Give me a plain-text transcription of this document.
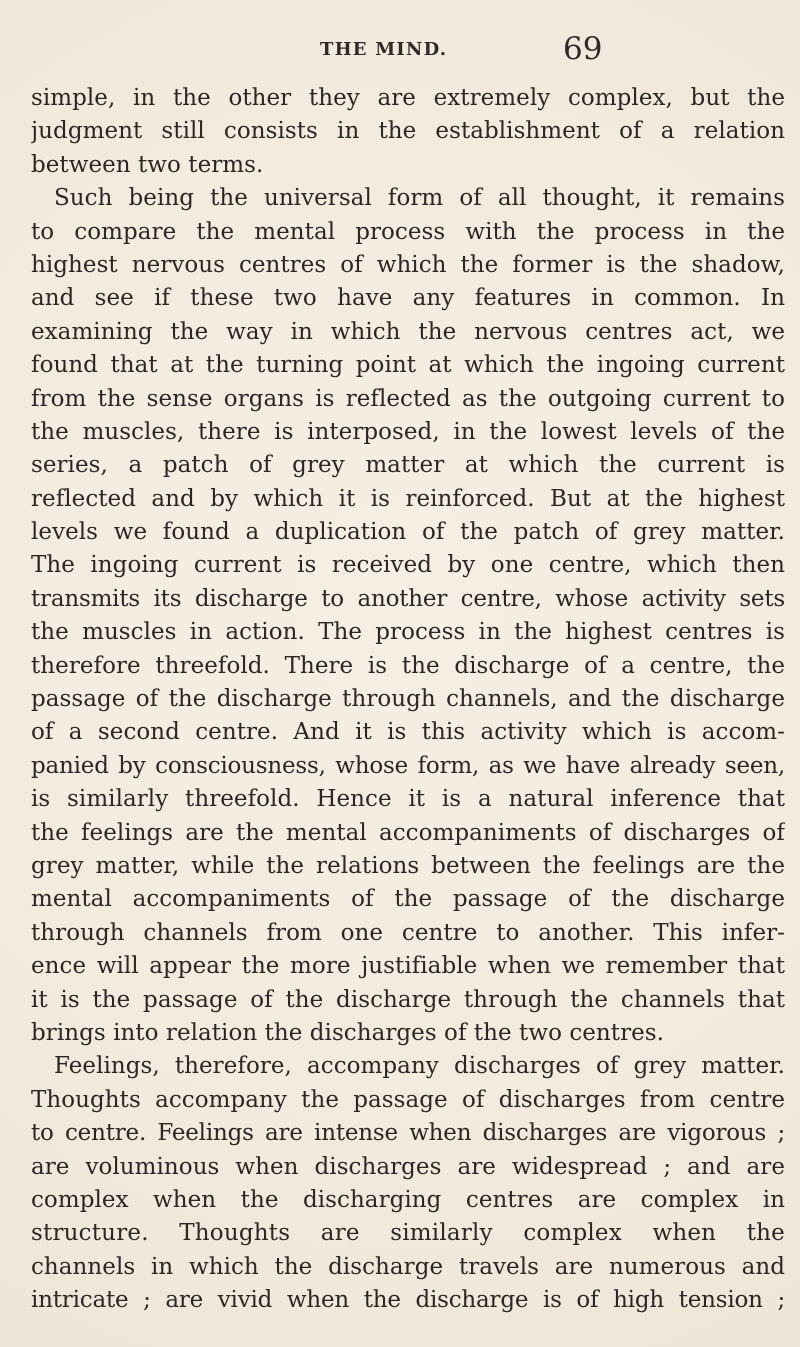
THE MIND.	69
simple, in the other they are extremely complex, but the
judgment still consists in the establishment of a relation
between two terms.
Such being the universal form of all thought, it remains
to compare the mental process with the process in the
highest nervous centres of which the former is the shadow,
and see if these two have any features in common. In
examining the way in which the nervous centres act, we
found that at the turning point at which the ingoing current
from the sense organs is reflected as the outgoing current to
the muscles, there is interposed, in the lowest levels of the
series, a patch of grey matter at which the current is
reflected and by which it is reinforced. But at the highest
levels we found a duplication of the patch of grey matter.
The ingoing current is received by one centre, which then
transmits its discharge to another centre, whose activity sets
the muscles in action. The process in the highest centres is
therefore threefold. There is the discharge of a centre, the
passage of the discharge through channels, and the discharge
of a second centre. And it is this activity which is accom-
panied by consciousness, whose form, as we have already seen,
is similarly threefold. Hence it is a natural inference that
the feelings are the mental accompaniments of discharges of
grey matter, while the relations between the feelings are the
mental accompaniments of the passage of the discharge
through channels from one centre to another. This infer-
ence will appear the more justifiable when we remember that
it is the passage of the discharge through the channels that
brings into relation the discharges of the two centres.
Feelings, therefore, accompany discharges of grey matter.
Thoughts accompany the passage of discharges from centre
to centre. Feelings are intense when discharges are vigorous ;
are voluminous when discharges are widespread ; and are
complex when the discharging centres are complex in
structure. Thoughts are similarly complex when the
channels in which the discharge travels are numerous and
intricate ; are vivid when the discharge is of high tension ;
